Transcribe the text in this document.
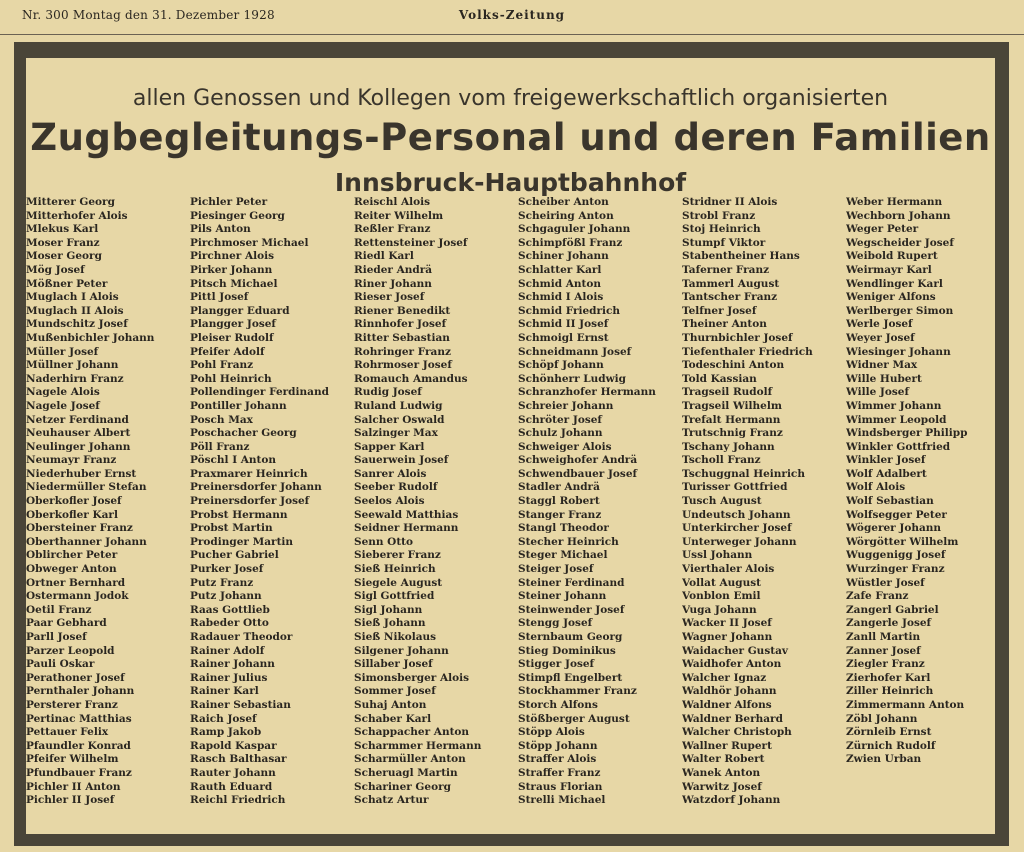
Nr. 300 Montag den 31. Dezember 1928	Volks-Zeitung
allen Genossen und Kollegen vom freigewerkschaftlich organisierten
Zugbegleitungs-Personal und deren Familien
Innsbruck-Hauptbahnhof
Mitterer Georg
Mitterhofer Alois
Mlekus Karl
Moser Franz
Moser Georg
Mög Josef
Mößner Peter
Muglach I Alois
Muglach II Alois
Mundschitz Josef
Mußenbichler Johann
Müller Josef
Müllner Johann
Naderhirn Franz
Nagele Alois
Nagele Josef
Netzer Ferdinand
Neuhauser Albert
Neulinger Johann
Neumayr Franz
Niederhuber Ernst
Niedermüller Stefan
Oberkofler Josef
Oberkofler Karl
Obersteiner Franz
Oberthanner Johann
Oblircher Peter
Obweger Anton
Ortner Bernhard
Ostermann Jodok
Oetil Franz
Paar Gebhard
Parll Josef
Parzer Leopold
Pauli Oskar
Perathoner Josef
Pernthaler Johann
Persterer Franz
Pertinac Matthias
Pettauer Felix
Pfaundler Konrad
Pfeifer Wilhelm
Pfundbauer Franz
Pichler II Anton
Pichler II Josef
Pichler Peter
Piesinger Georg
Pils Anton
Pirchmoser Michael
Pirchner Alois
Pirker Johann
Pitsch Michael
Pittl Josef
Plangger Eduard
Plangger Josef
Pleiser Rudolf
Pfeifer Adolf
Pohl Franz
Pohl Heinrich
Pollendinger Ferdinand
Pontiller Johann
Posch Max
Poschacher Georg
Pöll Franz
Pöschl I Anton
Praxmarer Heinrich
Preinersdorfer Johann
Preinersdorfer Josef
Probst Hermann
Probst Martin
Prodinger Martin
Pucher Gabriel
Purker Josef
Putz Franz
Putz Johann
Raas Gottlieb
Rabeder Otto
Radauer Theodor
Rainer Adolf
Rainer Johann
Rainer Julius
Rainer Karl
Rainer Sebastian
Raich Josef
Ramp Jakob
Rapold Kaspar
Rasch Balthasar
Rauter Johann
Rauth Eduard
Reichl Friedrich
Reischl Alois
Reiter Wilhelm
Reßler Franz
Rettensteiner Josef
Riedl Karl
Rieder Andrä
Riner Johann
Rieser Josef
Riener Benedikt
Rinnhofer Josef
Ritter Sebastian
Rohringer Franz
Rohrmoser Josef
Romauch Amandus
Rudig Josef
Ruland Ludwig
Salcher Oswald
Salzinger Max
Sapper Karl
Sauerwein Josef
Sanrer Alois
Seeber Rudolf
Seelos Alois
Seewald Matthias
Seidner Hermann
Senn Otto
Sieberer Franz
Sieß Heinrich
Siegele August
Sigl Gottfried
Sigl Johann
Sieß Johann
Sieß Nikolaus
Silgener Johann
Sillaber Josef
Simonsberger Alois
Sommer Josef
Suhaj Anton
Schaber Karl
Schappacher Anton
Scharmmer Hermann
Scharmüller Anton
Scheruagl Martin
Schariner Georg
Schatz Artur
Scheiber Anton
Scheiring Anton
Schgaguler Johann
Schimpfößl Franz
Schiner Johann
Schlatter Karl
Schmid Anton
Schmid I Alois
Schmid Friedrich
Schmid II Josef
Schmoigl Ernst
Schneidmann Josef
Schöpf Johann
Schönherr Ludwig
Schranzhofer Hermann
Schreier Johann
Schröter Josef
Schulz Johann
Schweiger Alois
Schweighofer Andrä
Schwendbauer Josef
Stadler Andrä
Staggl Robert
Stanger Franz
Stangl Theodor
Stecher Heinrich
Steger Michael
Steiger Josef
Steiner Ferdinand
Steiner Johann
Steinwender Josef
Stengg Josef
Sternbaum Georg
Stieg Dominikus
Stigger Josef
Stimpfl Engelbert
Stockhammer Franz
Storch Alfons
Stößberger August
Stöpp Alois
Stöpp Johann
Straffer Alois
Straffer Franz
Straus Florian
Strelli Michael
Stridner II Alois
Strobl Franz
Stoj Heinrich
Stumpf Viktor
Stabentheiner Hans
Taferner Franz
Tammerl August
Tantscher Franz
Telfner Josef
Theiner Anton
Thurnbichler Josef
Tiefenthaler Friedrich
Todeschini Anton
Told Kassian
Tragseil Rudolf
Tragseil Wilhelm
Trefalt Hermann
Trutschnig Franz
Tschany Johann
Tscholl Franz
Tschuggnal Heinrich
Turisser Gottfried
Tusch August
Undeutsch Johann
Unterkircher Josef
Unterweger Johann
Ussl Johann
Vierthaler Alois
Vollat August
Vonblon Emil
Vuga Johann
Wacker II Josef
Wagner Johann
Waidacher Gustav
Waidhofer Anton
Walcher Ignaz
Waldhör Johann
Waldner Alfons
Waldner Berhard
Walcher Christoph
Wallner Rupert
Walter Robert
Wanek Anton
Warwitz Josef
Watzdorf Johann
Weber Hermann
Wechborn Johann
Weger Peter
Wegscheider Josef
Weibold Rupert
Weirmayr Karl
Wendlinger Karl
Weniger Alfons
Werlberger Simon
Werle Josef
Weyer Josef
Wiesinger Johann
Widner Max
Wille Hubert
Wille Josef
Wimmer Johann
Wimmer Leopold
Windsberger Philipp
Winkler Gottfried
Winkler Josef
Wolf Adalbert
Wolf Alois
Wolf Sebastian
Wolfsegger Peter
Wögerer Johann
Wörgötter Wilhelm
Wuggenigg Josef
Wurzinger Franz
Wüstler Josef
Zafe Franz
Zangerl Gabriel
Zangerle Josef
Zanll Martin
Zanner Josef
Ziegler Franz
Zierhofer Karl
Ziller Heinrich
Zimmermann Anton
Zöbl Johann
Zörnleib Ernst
Zürnich Rudolf
Zwien Urban
